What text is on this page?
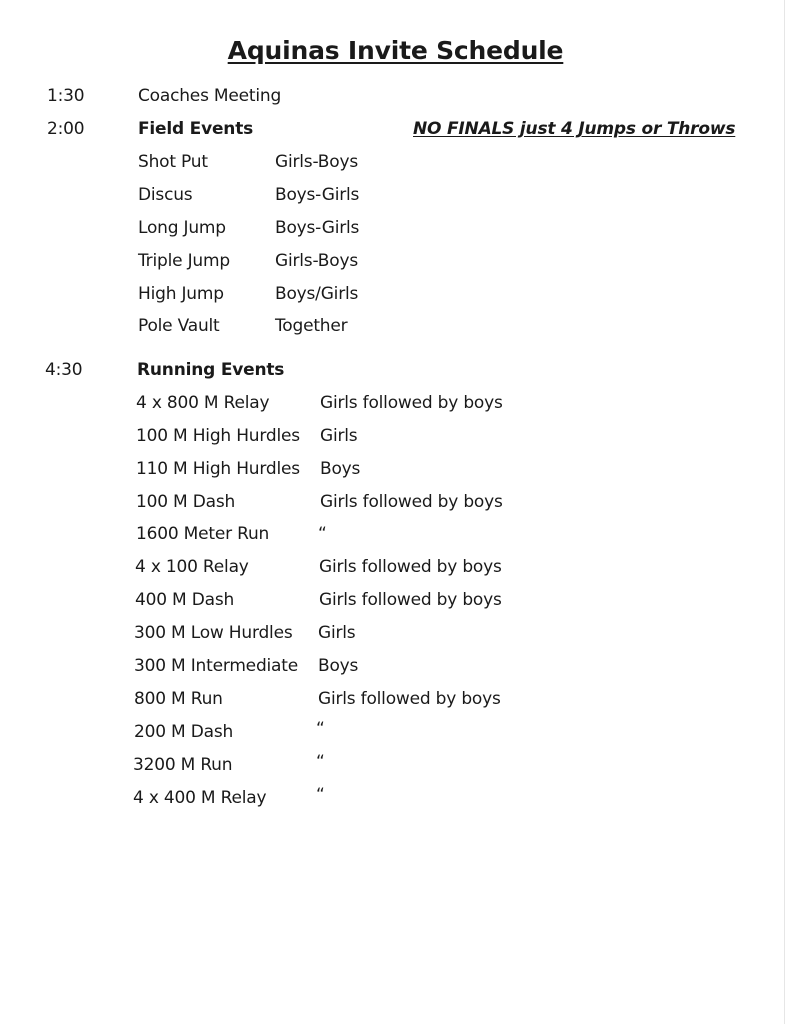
Aquinas Invite Schedule
1:30	Coaches Meeting
2:00	Field Events	NO FINALS just 4 Jumps or Throws
Shot Put	Girls-Boys
Discus	Boys-Girls
Long Jump	Boys-Girls
Triple Jump	Girls-Boys
High Jump	Boys/Girls
Pole Vault	Together
4:30	Running Events
4 x 800 M Relay	Girls followed by boys
100 M High Hurdles Girls
110 M High Hurdles Boys
100 M Dash	Girls followed by boys
1600 Meter Run	“
4 x 100 Relay	Girls followed by boys
400 M Dash	Girls followed by boys
300 M Low Hurdles Girls
300 M Intermediate Boys
800 M Run	Girls followed by boys
200 M Dash	“
3200 M Run	“
4 x 400 M Relay	“
